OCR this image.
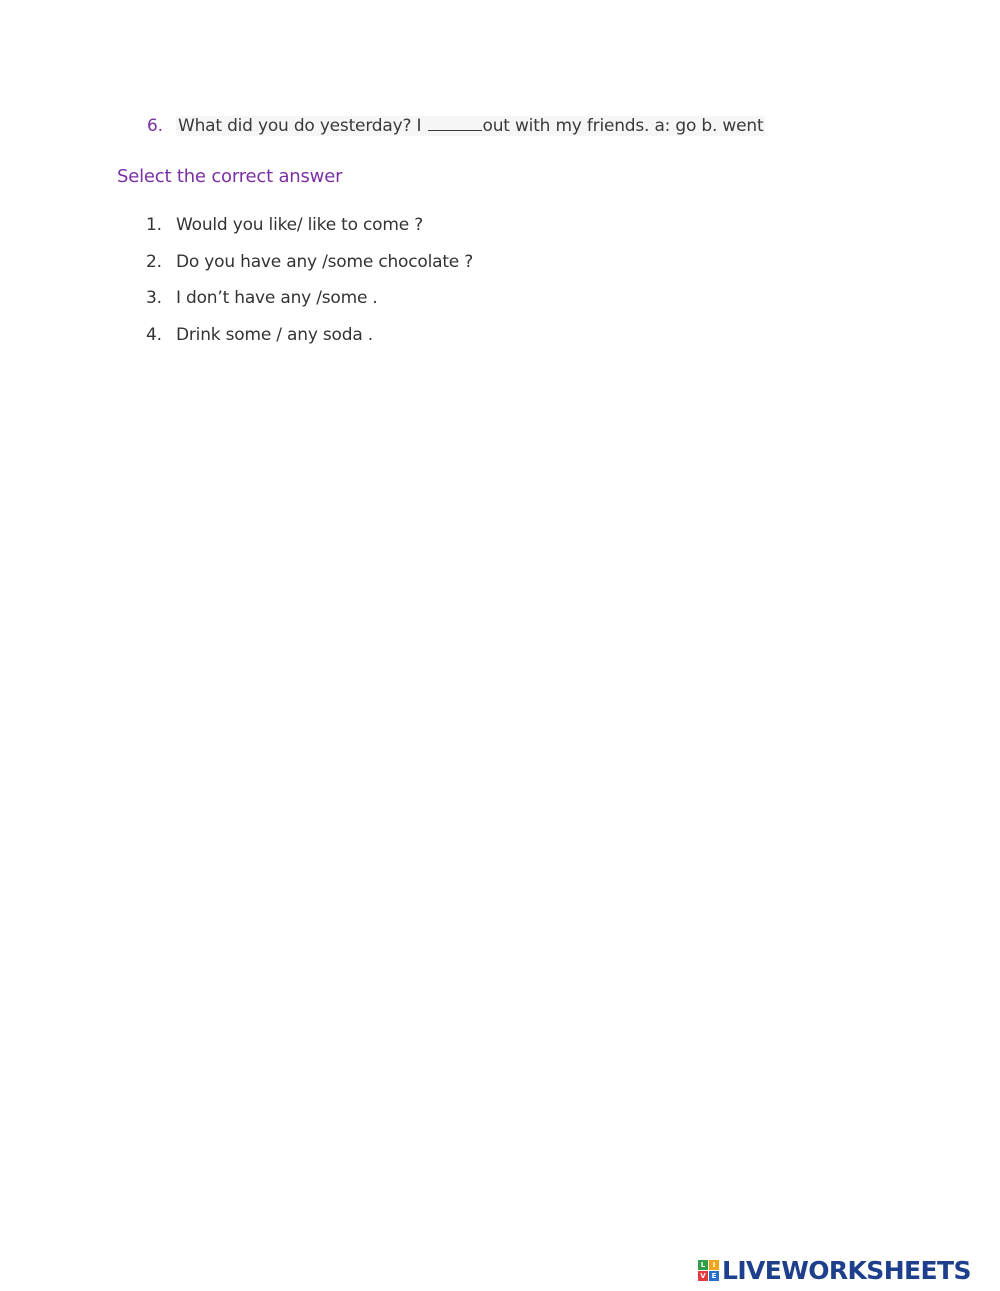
6. What did you do yesterday? I	out with my friends. a: go b. went
Select the correct answer
1. Would you like/ like to come ?
2. Do you have any /some chocolate ?
3. I don’t have any /some .
4. Drink some / any soda .
L	I
V E LIVEWORKSHEETS
